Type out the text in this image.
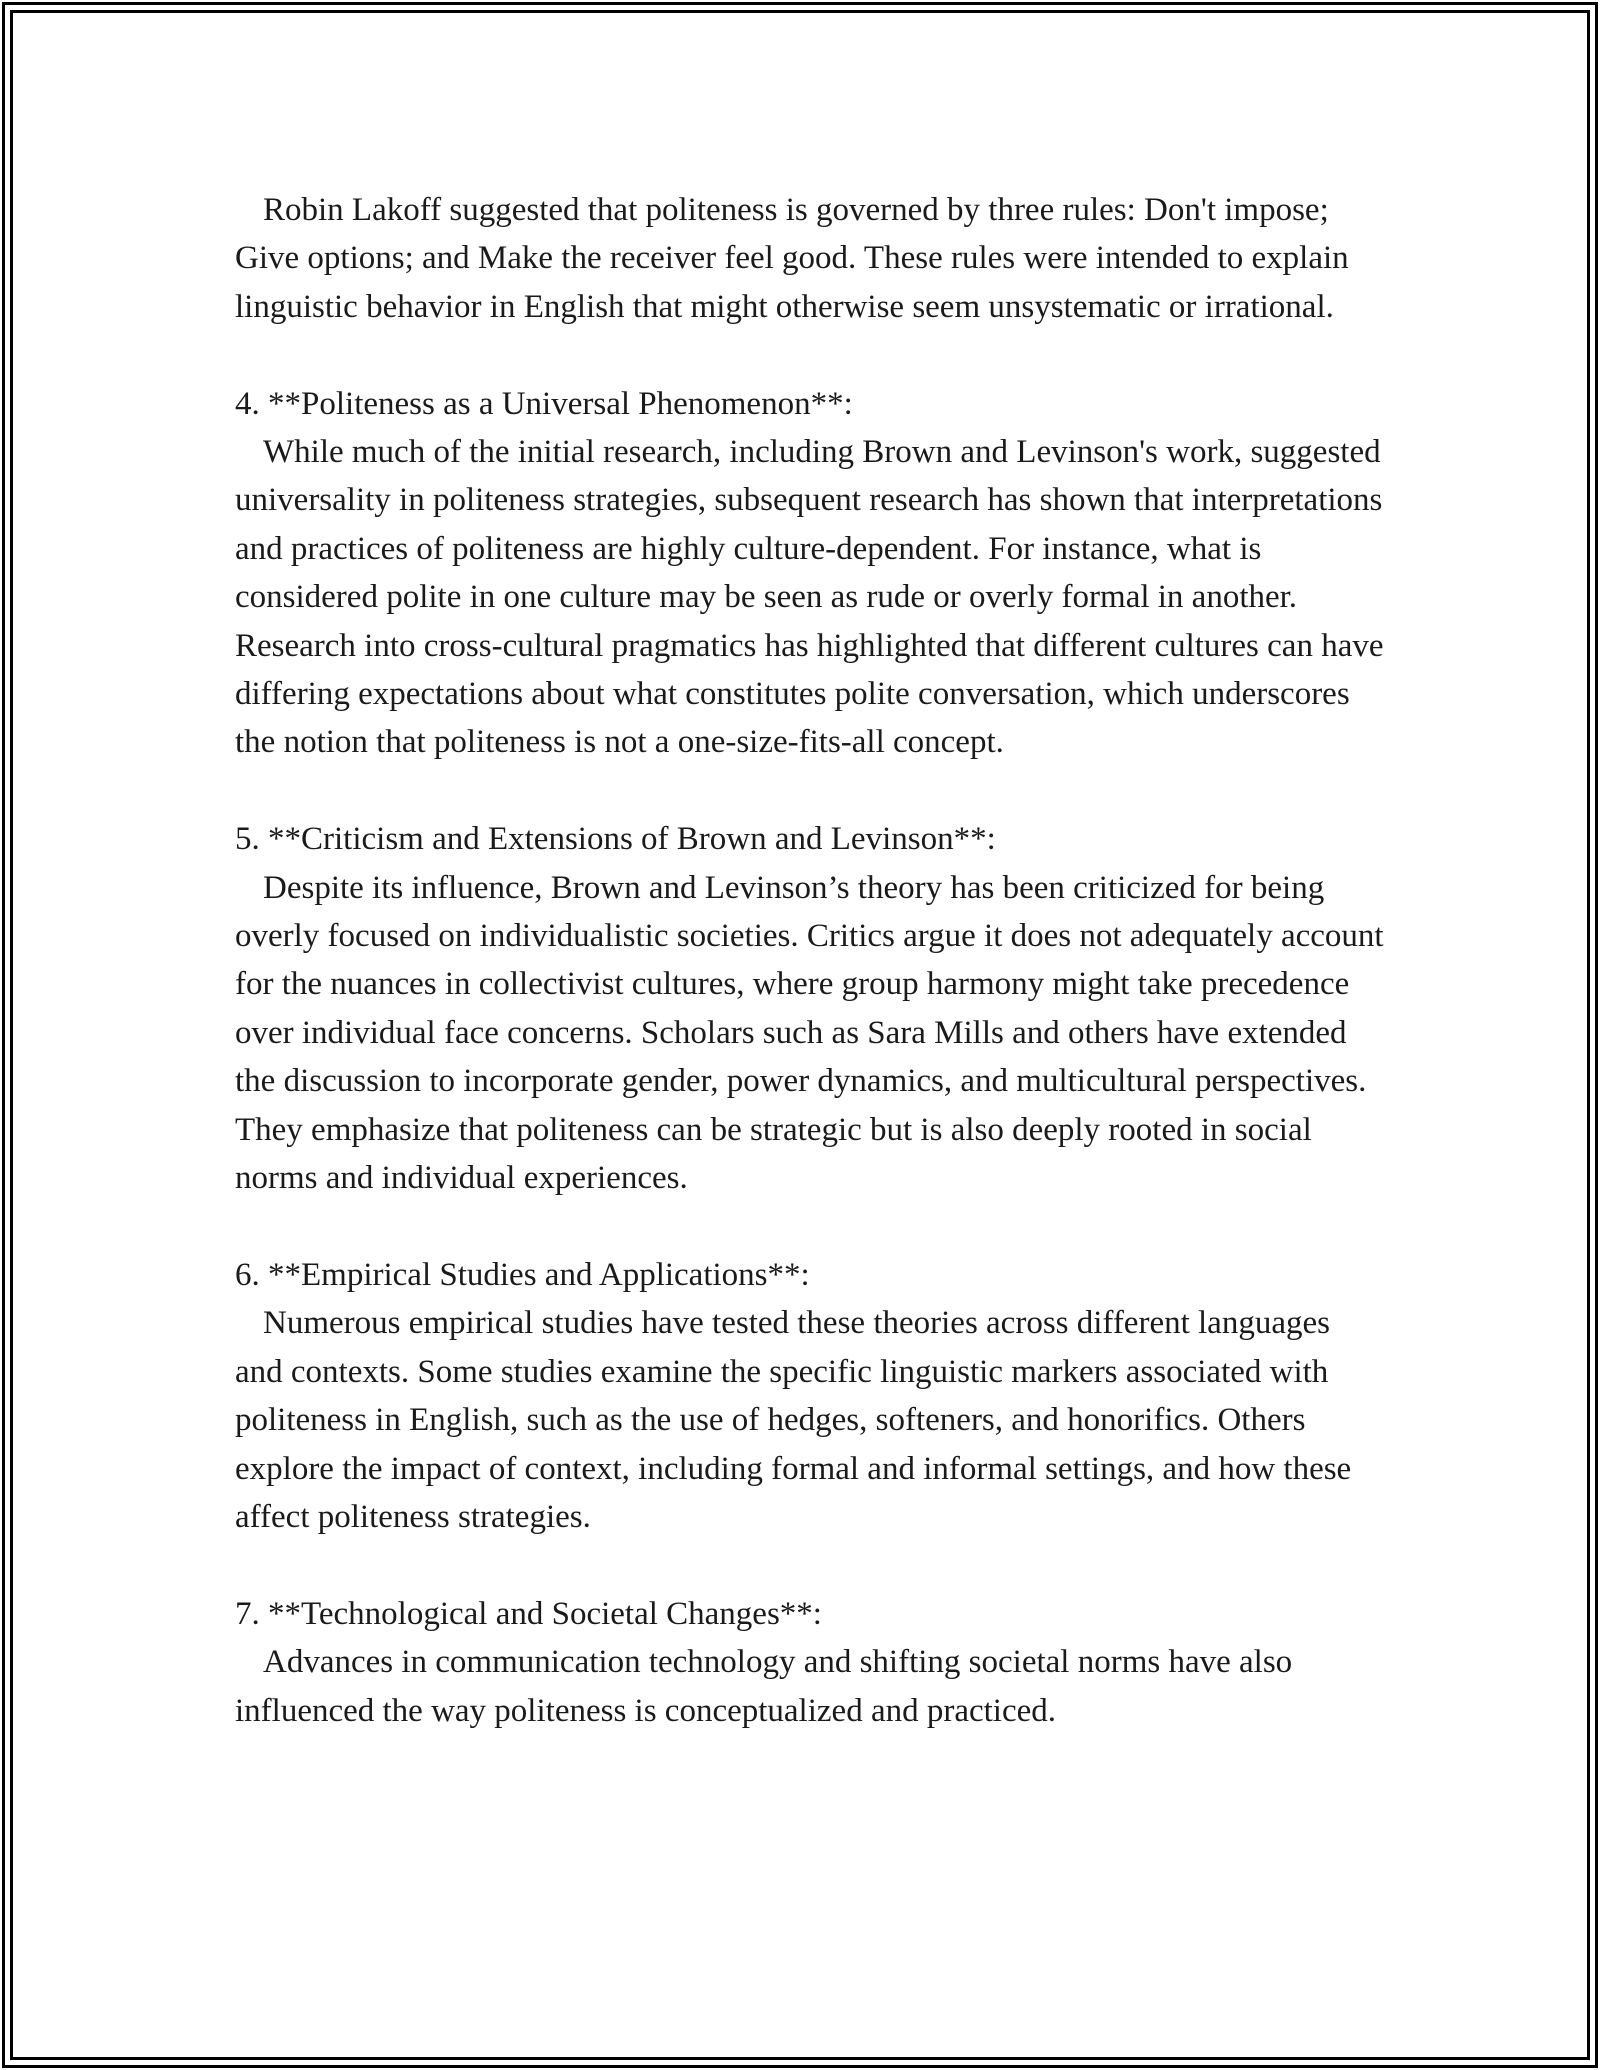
Robin Lakoff suggested that politeness is governed by three rules: Don't impose; Give options; and Make the receiver feel good. These rules were intended to explain linguistic behavior in English that might otherwise seem unsystematic or irrational.

4. **Politeness as a Universal Phenomenon**:

While much of the initial research, including Brown and Levinson's work, suggested universality in politeness strategies, subsequent research has shown that interpretations and practices of politeness are highly culture-dependent. For instance, what is considered polite in one culture may be seen as rude or overly formal in another. Research into cross-cultural pragmatics has highlighted that different cultures can have differing expectations about what constitutes polite conversation, which underscores the notion that politeness is not a one-size-fits-all concept.

5. **Criticism and Extensions of Brown and Levinson**:

Despite its influence, Brown and Levinson’s theory has been criticized for being overly focused on individualistic societies. Critics argue it does not adequately account for the nuances in collectivist cultures, where group harmony might take precedence over individual face concerns. Scholars such as Sara Mills and others have extended the discussion to incorporate gender, power dynamics, and multicultural perspectives. They emphasize that politeness can be strategic but is also deeply rooted in social norms and individual experiences.

6. **Empirical Studies and Applications**:

Numerous empirical studies have tested these theories across different languages and contexts. Some studies examine the specific linguistic markers associated with politeness in English, such as the use of hedges, softeners, and honorifics. Others explore the impact of context, including formal and informal settings, and how these affect politeness strategies.

7. **Technological and Societal Changes**:

Advances in communication technology and shifting societal norms have also influenced the way politeness is conceptualized and practiced.
